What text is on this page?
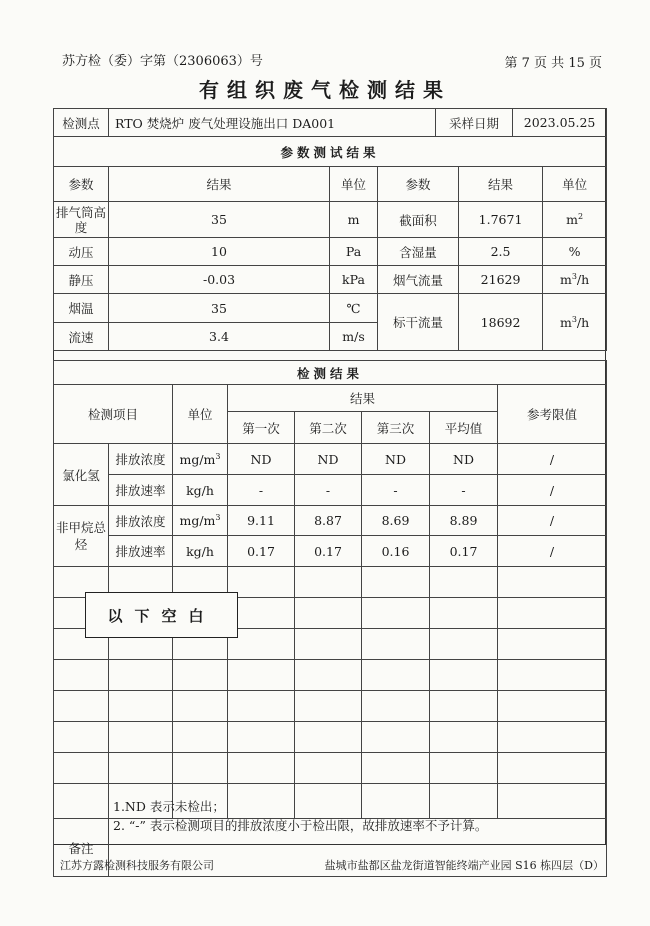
苏方检（委）字第（2306063）号	第 7 页 共 15 页
有组织废气检测结果
检测点	RTO 焚烧炉 废气处理设施出口 DA001			采样日期		2023.05.25	
参数测试结果							
参数	结果	单位	参数		结果		单位
排气筒高度	35	m	截面积		1.7671		$m^2$
动压	10	Pa	含湿量		2.5		%
静压	-0.03	kPa	烟气流量		21629		$m^3/h$
烟温	35	℃	标干流量		18692		$m^3/h$
流速	3.4	m/s					
检测结果							
检测项目		单位	结果				参考限值
			第一次	第二次	第三次	平均值	
氯化氢	排放浓度	$mg/m^3$	ND	ND	ND	ND	/
	排放速率	kg/h	-	-	-	-	/
非甲烷总烃	排放浓度	$mg/m^3$	9.11	8.87	8.69	8.89	/
	排放速率	kg/h	0.17	0.17	0.16	0.17	/

备注							
1.ND 表示未检出；
2. “-” 表示检测项目的排放浓度小于检出限，故排放速率不予计算。
以下空白
江苏方露检测科技服务有限公司	盐城市盐都区盐龙街道智能终端产业园 S16 栋四层（D）
